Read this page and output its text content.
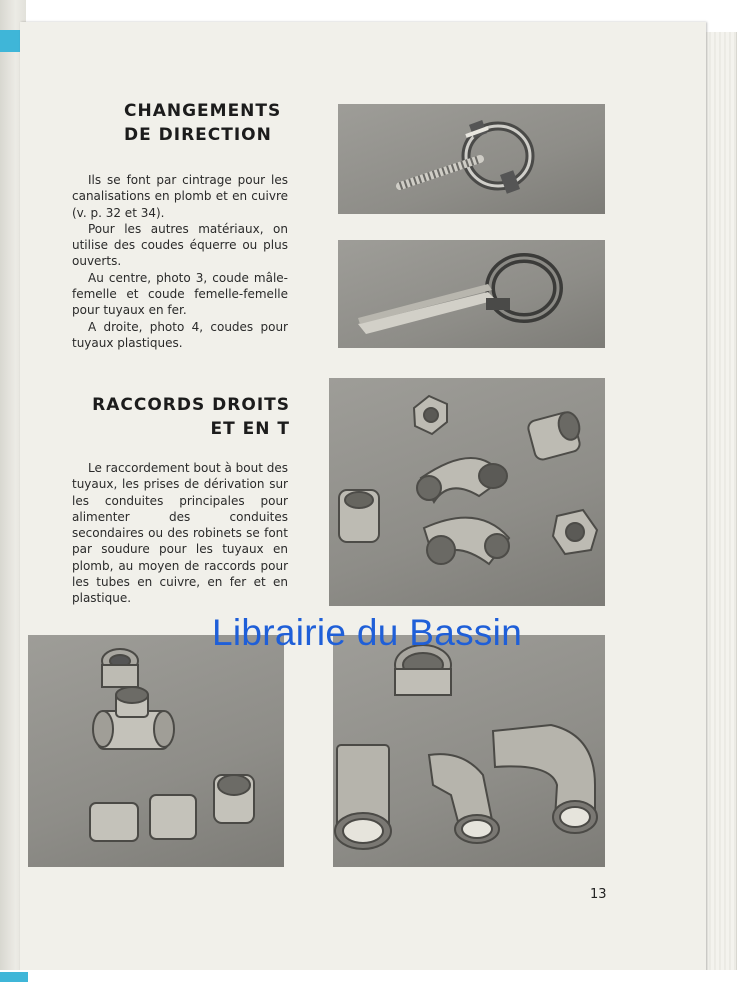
CHANGEMENTS
DE DIRECTION

Ils se font par cintrage pour les canalisations en plomb et en cuivre (v. p. 32 et 34).

Pour les autres matériaux, on utilise des coudes équerre ou plus ouverts.

Au centre, photo 3, coude mâle-femelle et coude femelle-femelle pour tuyaux en fer.

A droite, photo 4, coudes pour tuyaux plastiques.

RACCORDS DROITS
ET EN T

Le raccordement bout à bout des tuyaux, les prises de dérivation sur les conduites principales pour alimenter des conduites secondaires ou des robinets se font par soudure pour les tuyaux en plomb, au moyen de raccords pour les tubes en cuivre, en fer et en plastique.

Librairie du Bassin
13
